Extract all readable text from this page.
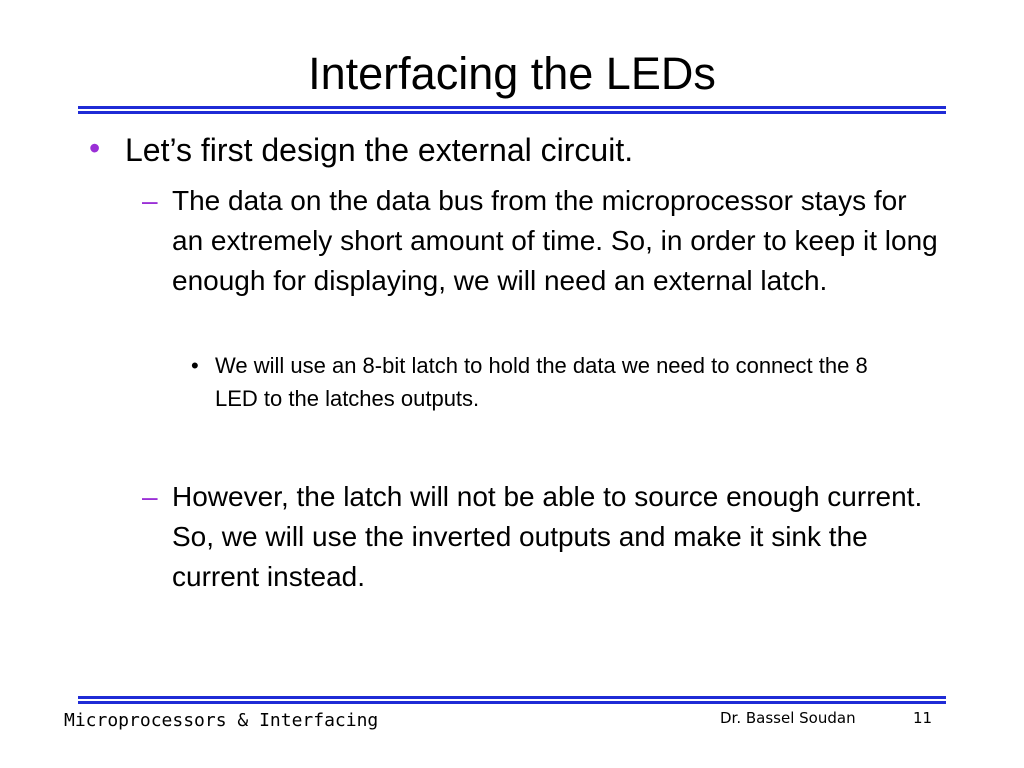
Interfacing the LEDs
• Let’s first design the external circuit.
– The data on the data bus from the microprocessor stays for an extremely short amount of time. So, in order to keep it long enough for displaying, we will need an external latch.
• We will use an 8-bit latch to hold the data we need to connect the 8 LED to the latches outputs.
– However, the latch will not be able to source enough current. So, we will use the inverted outputs and make it sink the current instead.
Microprocessors & Interfacing	Dr. Bassel Soudan	11
